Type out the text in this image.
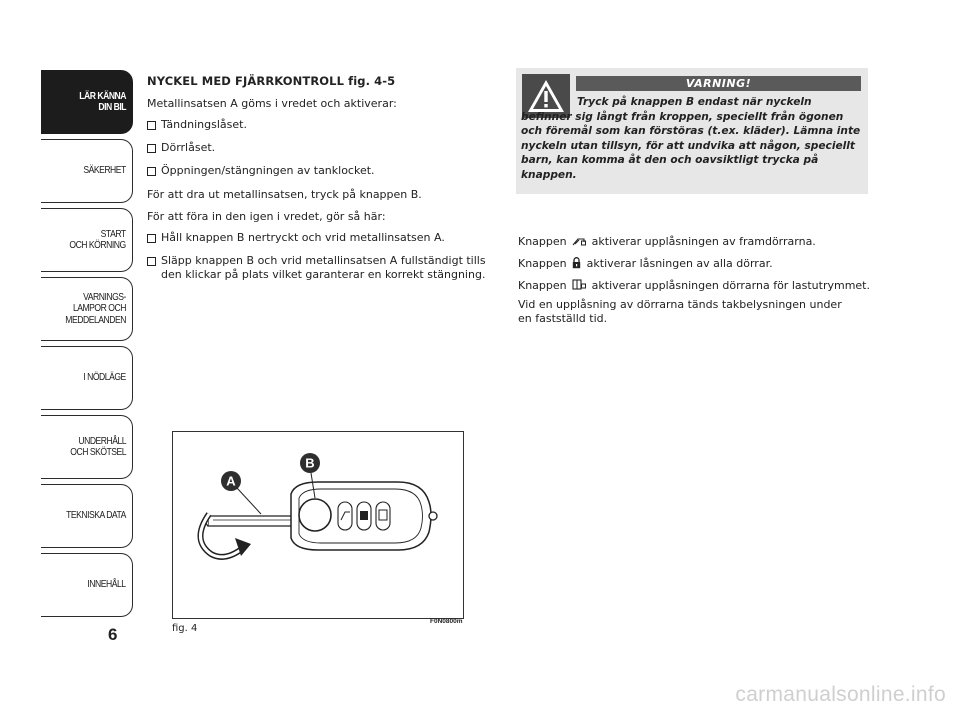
LÄR KÄNNA
DIN BIL
SÄKERHET
START
OCH KÖRNING
VARNINGS-
LAMPOR OCH
MEDDELANDEN
I NÖDLÄGE
UNDERHÅLL
OCH SKÖTSEL
TEKNISKA DATA
INNEHÅLL
6

NYCKEL MED FJÄRRKONTROLL fig. 4-5

Metallinsatsen A göms i vredet och aktiverar:

Tändningslåset.
Dörrlåset.
Öppningen/stängningen av tanklocket.

För att dra ut metallinsatsen, tryck på knappen B.

För att föra in den igen i vredet, gör så här:

Håll knappen B nertryckt och vrid metallinsatsen A.
Släpp knappen B och vrid metallinsatsen A fullständigt tills den klickar på plats vilket garanterar en korrekt stängning.
VARNING!
Tryck på knappen B endast när nyckeln befinner sig långt från kroppen, speciellt från ögonen och föremål som kan förstöras (t.ex. kläder). Lämna inte nyckeln utan tillsyn, för att undvika att någon, speciellt barn, kan komma åt den och oavsiktligt trycka på knappen.

Knappen aktiverar upplåsningen av framdörrarna.

Knappen aktiverar låsningen av alla dörrar.

Knappen aktiverar upplåsningen dörrarna för lastutrymmet.

Vid en upplåsning av dörrarna tänds takbelysningen under en fastställd tid.

A
B
fig. 4
F0N0800m
carmanualsonline.info
